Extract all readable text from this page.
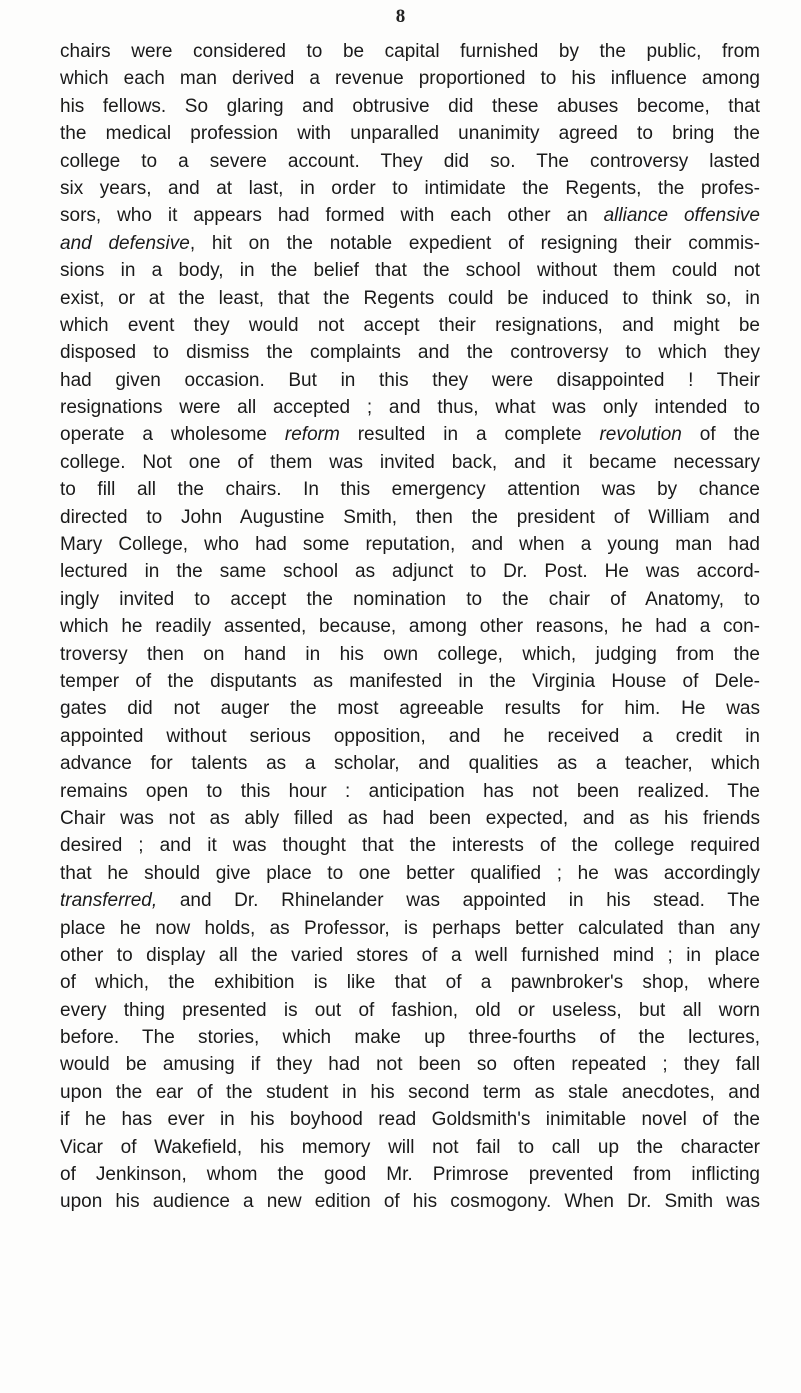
8
chairs were considered to be capital furnished by the public, from
which each man derived a revenue proportioned to his influence among
his fellows. So glaring and obtrusive did these abuses become, that
the medical profession with unparalled unanimity agreed to bring the
college to a severe account. They did so. The controversy lasted
six years, and at last, in order to intimidate the Regents, the profes-
sors, who it appears had formed with each other an alliance offensive
and defensive, hit on the notable expedient of resigning their commis-
sions in a body, in the belief that the school without them could not
exist, or at the least, that the Regents could be induced to think so, in
which event they would not accept their resignations, and might be
disposed to dismiss the complaints and the controversy to which they
had given occasion. But in this they were disappointed ! Their
resignations were all accepted ; and thus, what was only intended to
operate a wholesome reform resulted in a complete revolution of the
college. Not one of them was invited back, and it became necessary
to fill all the chairs. In this emergency attention was by chance
directed to John Augustine Smith, then the president of William and
Mary College, who had some reputation, and when a young man had
lectured in the same school as adjunct to Dr. Post. He was accord-
ingly invited to accept the nomination to the chair of Anatomy, to
which he readily assented, because, among other reasons, he had a con-
troversy then on hand in his own college, which, judging from the
temper of the disputants as manifested in the Virginia House of Dele-
gates did not auger the most agreeable results for him. He was
appointed without serious opposition, and he received a credit in
advance for talents as a scholar, and qualities as a teacher, which
remains open to this hour : anticipation has not been realized. The
Chair was not as ably filled as had been expected, and as his friends
desired ; and it was thought that the interests of the college required
that he should give place to one better qualified ; he was accordingly
transferred, and Dr. Rhinelander was appointed in his stead. The
place he now holds, as Professor, is perhaps better calculated than any
other to display all the varied stores of a well furnished mind ; in place
of which, the exhibition is like that of a pawnbroker's shop, where
every thing presented is out of fashion, old or useless, but all worn
before. The stories, which make up three-fourths of the lectures,
would be amusing if they had not been so often repeated ; they fall
upon the ear of the student in his second term as stale anecdotes, and
if he has ever in his boyhood read Goldsmith's inimitable novel of the
Vicar of Wakefield, his memory will not fail to call up the character
of Jenkinson, whom the good Mr. Primrose prevented from inflicting
upon his audience a new edition of his cosmogony. When Dr. Smith was
